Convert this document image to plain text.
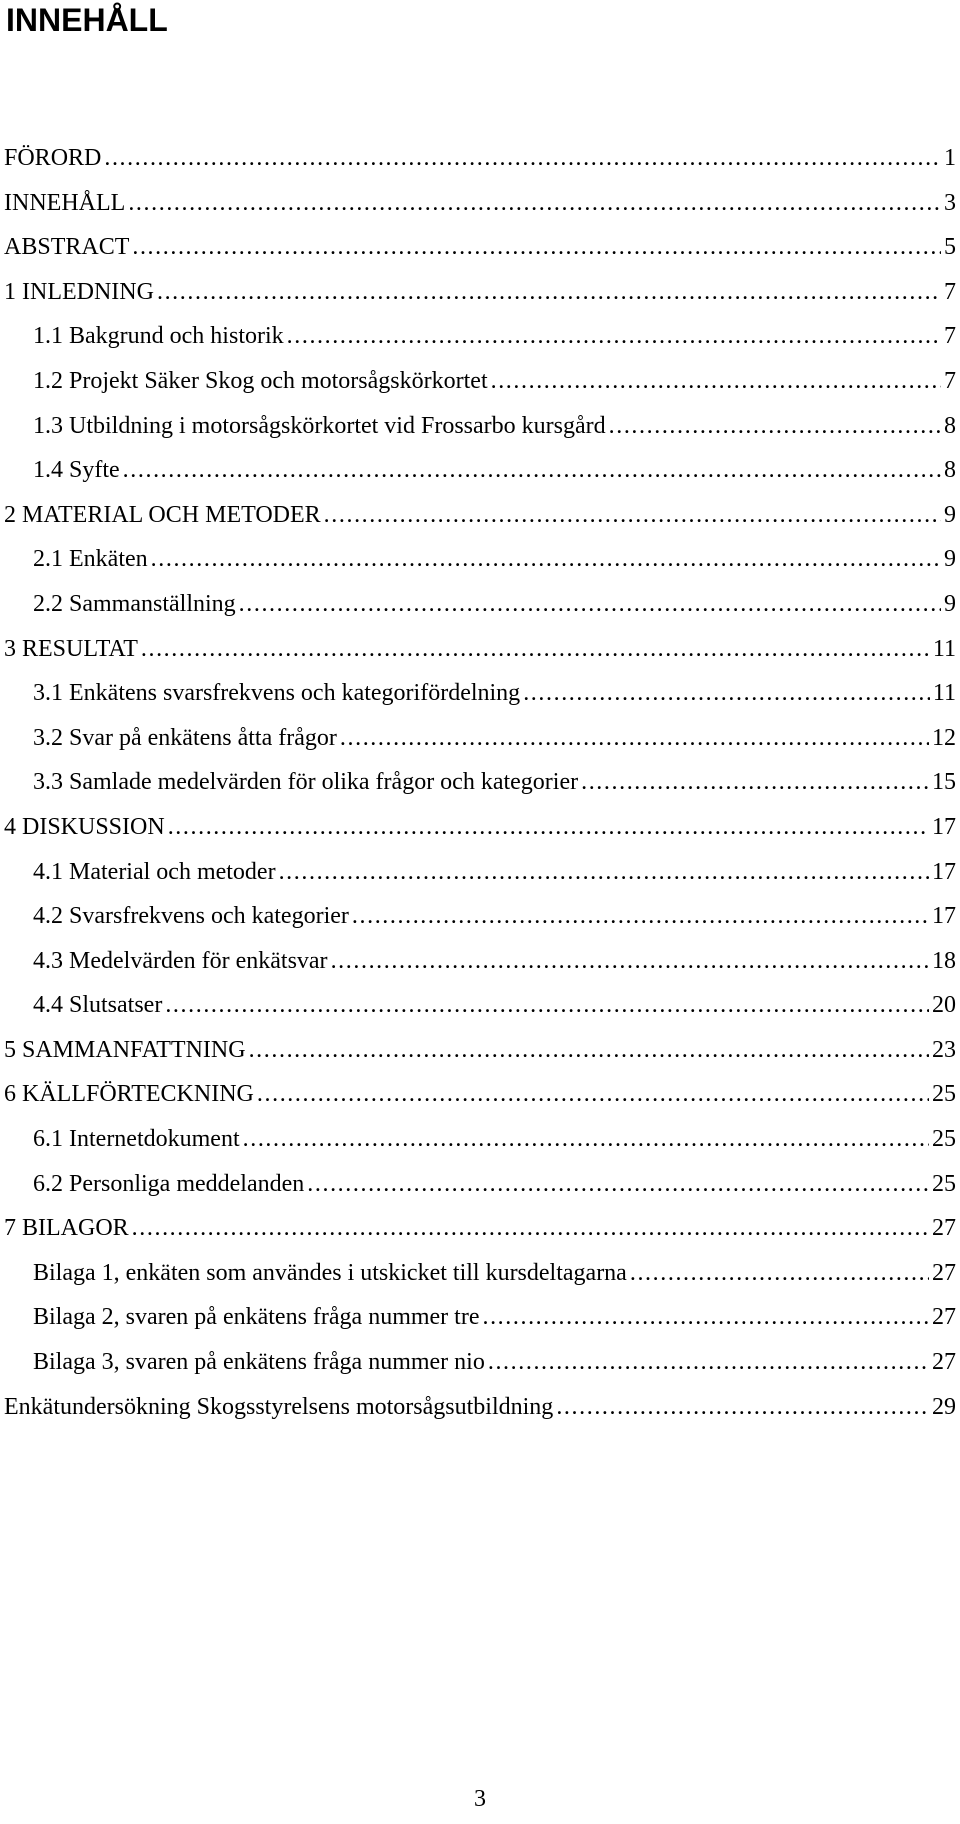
INNEHÅLL
FÖRORD . . .	1
INNEHÅLL . . .	3
ABSTRACT . . .	5
1 INLEDNING . . .	7
1.1 Bakgrund och historik . . .	7
1.2 Projekt Säker Skog och motorsågskörkortet . . .	7
1.3 Utbildning i motorsågskörkortet vid Frossarbo kursgård . . .	8
1.4 Syfte . . .	8
2 MATERIAL OCH METODER . . .	9
2.1 Enkäten . . .	9
2.2 Sammanställning . . .	9
3 RESULTAT . . .	11
3.1 Enkätens svarsfrekvens och kategorifördelning . . .	11
3.2 Svar på enkätens åtta frågor . . .	12
3.3 Samlade medelvärden för olika frågor och kategorier . . .	15
4 DISKUSSION . . .	17
4.1 Material och metoder . . .	17
4.2 Svarsfrekvens och kategorier . . .	17
4.3 Medelvärden för enkätsvar . . .	18
4.4 Slutsatser . . .	20
5 SAMMANFATTNING . . .	23
6 KÄLLFÖRTECKNING . . .	25
6.1 Internetdokument . . .	25
6.2 Personliga meddelanden . . .	25
7 BILAGOR . . .	27
Bilaga 1, enkäten som användes i utskicket till kursdeltagarna . . .	27
Bilaga 2, svaren på enkätens fråga nummer tre . . .	27
Bilaga 3, svaren på enkätens fråga nummer nio . . .	27
Enkätundersökning Skogsstyrelsens motorsågsutbildning . . .	29
3
